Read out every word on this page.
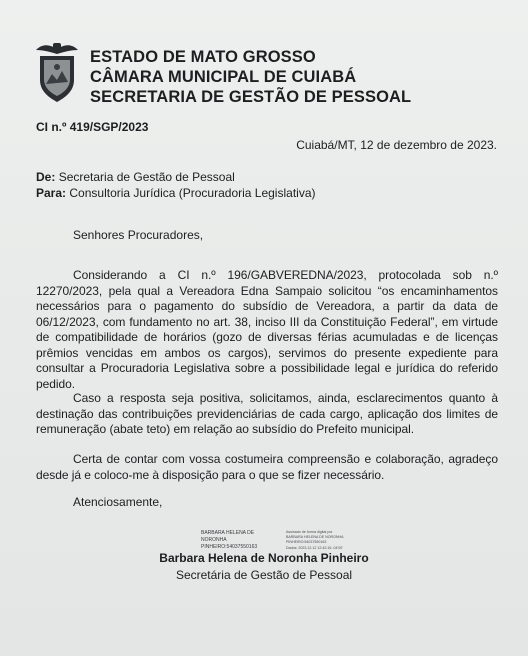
ESTADO DE MATO GROSSO
CÂMARA MUNICIPAL DE CUIABÁ
SECRETARIA DE GESTÃO DE PESSOAL
CI n.º 419/SGP/2023
Cuiabá/MT, 12 de dezembro de 2023.
De: Secretaria de Gestão de Pessoal
Para: Consultoria Jurídica (Procuradoria Legislativa)
Senhores Procuradores,
Considerando a CI n.º 196/GABVEREDNA/2023, protocolada sob n.º 12270/2023, pela qual a Vereadora Edna Sampaio solicitou “os encaminhamentos necessários para o pagamento do subsídio de Vereadora, a partir da data de 06/12/2023, com fundamento no art. 38, inciso III da Constituição Federal”, em virtude de compatibilidade de horários (gozo de diversas férias acumuladas e de licenças prêmios vencidas em ambos os cargos), servimos do presente expediente para consultar a Procuradoria Legislativa sobre a possibilidade legal e jurídica do referido pedido.
Caso a resposta seja positiva, solicitamos, ainda, esclarecimentos quanto à destinação das contribuições previdenciárias de cada cargo, aplicação dos limites de remuneração (abate teto) em relação ao subsídio do Prefeito municipal.
Certa de contar com vossa costumeira compreensão e colaboração, agradeço desde já e coloco-me à disposição para o que se fizer necessário.
Atenciosamente,
BARBARA HELENA DE
NORONHA
PINHEIRO:54037550163
Assinado de forma digital por
BARBARA HELENA DE NORONHA
PINHEIRO:54037550163
Dados: 2023.12.12 12:42:16 -04'00'
Barbara Helena de Noronha Pinheiro
Secretária de Gestão de Pessoal
